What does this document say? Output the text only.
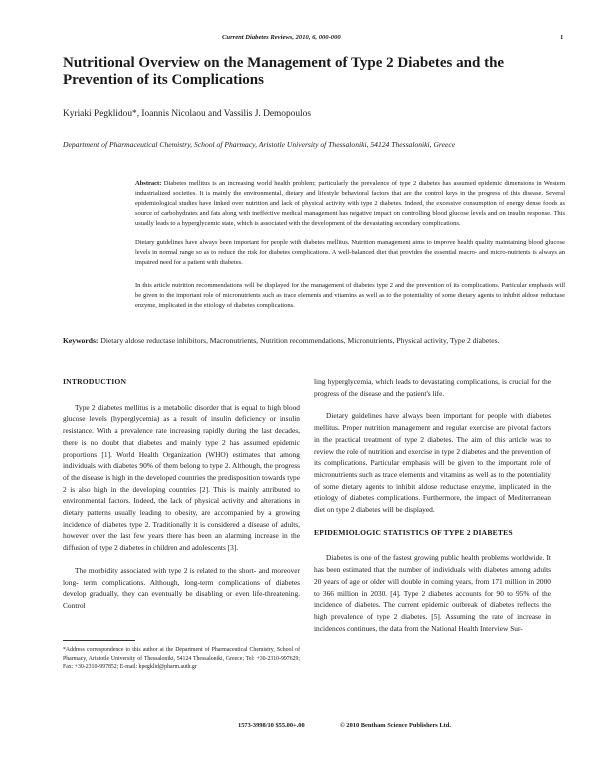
Current Diabetes Reviews, 2010, 6, 000-000	1
Nutritional Overview on the Management of Type 2 Diabetes and the Prevention of its Complications

Kyriaki Pegklidou*, Ioannis Nicolaou and Vassilis J. Demopoulos

Department of Pharmaceutical Chemistry, School of Pharmacy, Aristotle University of Thessaloniki, 54124 Thessaloniki, Greece

Abstract: Diabetes mellitus is an increasing world health problem; particularly the prevalence of type 2 diabetes has assumed epidemic dimensions in Western industrialized societies. It is mainly the environmental, dietary and lifestyle behavioral factors that are the control keys in the progress of this disease. Several epidemiological studies have linked over nutrition and lack of physical activity with type 2 diabetes. Indeed, the excessive consumption of energy dense foods as source of carbohydrates and fats along with ineffective medical management has negative impact on controlling blood glucose levels and on insulin response. This usually leads to a hyperglycemic state, which is associated with the development of the devastating secondary complications.

Dietary guidelines have always been important for people with diabetes mellitus. Nutrition management aims to improve health quality maintaining blood glucose levels in normal range so as to reduce the risk for diabetes complications. A well-balanced diet that provides the essential macro- and micro-nutrients is always an impaired need for a patient with diabetes.

In this article nutrition recommendations will be displayed for the management of diabetes type 2 and the prevention of its complications. Particular emphasis will be given to the important role of micronutrients such as trace elements and vitamins as well as to the potentiality of some dietary agents to inhibit aldose reductase enzyme, implicated in the etiology of diabetes complications.

Keywords: Dietary aldose reductase inhibitors, Macronutrients, Nutrition recommendations, Micronutrients, Physical activity, Type 2 diabetes.

INTRODUCTION

Type 2 diabetes mellitus is a metabolic disorder that is equal to high blood glucose levels (hyperglycemia) as a result of insulin deficiency or insulin resistance. With a prevalence rate increasing rapidly during the last decades, there is no doubt that diabetes and mainly type 2 has assumed epidemic proportions [1]. World Health Organization (WHO) estimates that among individuals with diabetes 90% of them belong to type 2. Although, the progress of the disease is high in the developed countries the predisposition towards type 2 is also high in the developing countries [2]. This is mainly attributed to environmental factors. Indeed, the lack of physical activity and alterations in dietary patterns usually leading to obesity, are accompanied by a growing incidence of diabetes type 2. Traditionally it is considered a disease of adults, however over the last few years there has been an alarming increase in the diffusion of type 2 diabetes in children and adolescents [3].

The morbidity associated with type 2 is related to the short- and moreover long- term complications. Although, long-term complications of diabetes develop gradually, they can eventually be disabling or even life-threatening. Control

ling hyperglycemia, which leads to devastating complications, is crucial for the progress of the disease and the patient's life.

Dietary guidelines have always been important for people with diabetes mellitus. Proper nutrition management and regular exercise are pivotal factors in the practical treatment of type 2 diabetes. The aim of this article was to review the role of nutrition and exercise in type 2 diabetes and the prevention of its complications. Particular emphasis will be given to the important role of micronutrients such as trace elements and vitamins as well as to the potentiality of some dietary agents to inhibit aldose reductase enzyme, implicated in the etiology of diabetes complications. Furthermore, the impact of Mediterranean diet on type 2 diabetes will be displayed.

EPIDEMIOLOGIC STATISTICS OF TYPE 2 DIABETES

Diabetes is one of the fastest growing public health problems worldwide. It has been estimated that the number of individuals with diabetes among adults 20 years of age or older will double in coming years, from 171 million in 2000 to 366 million in 2030. [4]. Type 2 diabetes accounts for 90 to 95% of the incidence of diabetes. The current epidemic outbreak of diabetes reflects the high prevalence of type 2 diabetes. [5]. Assuming the rate of increase in incidences continues, the data from the National Health Interview Sur-

*Address correspondence to this author at the Department of Pharmaceutical Chemistry, School of Pharmacy, Aristotle University of Thessaloniki, 54124 Thessaloniki, Greece; Tel: +30-2310-997629; Fax: +30-2310-997852; E-mail: kpegklid@pharm.auth.gr

1573-3998/10 $55.00+.00	© 2010 Bentham Science Publishers Ltd.
